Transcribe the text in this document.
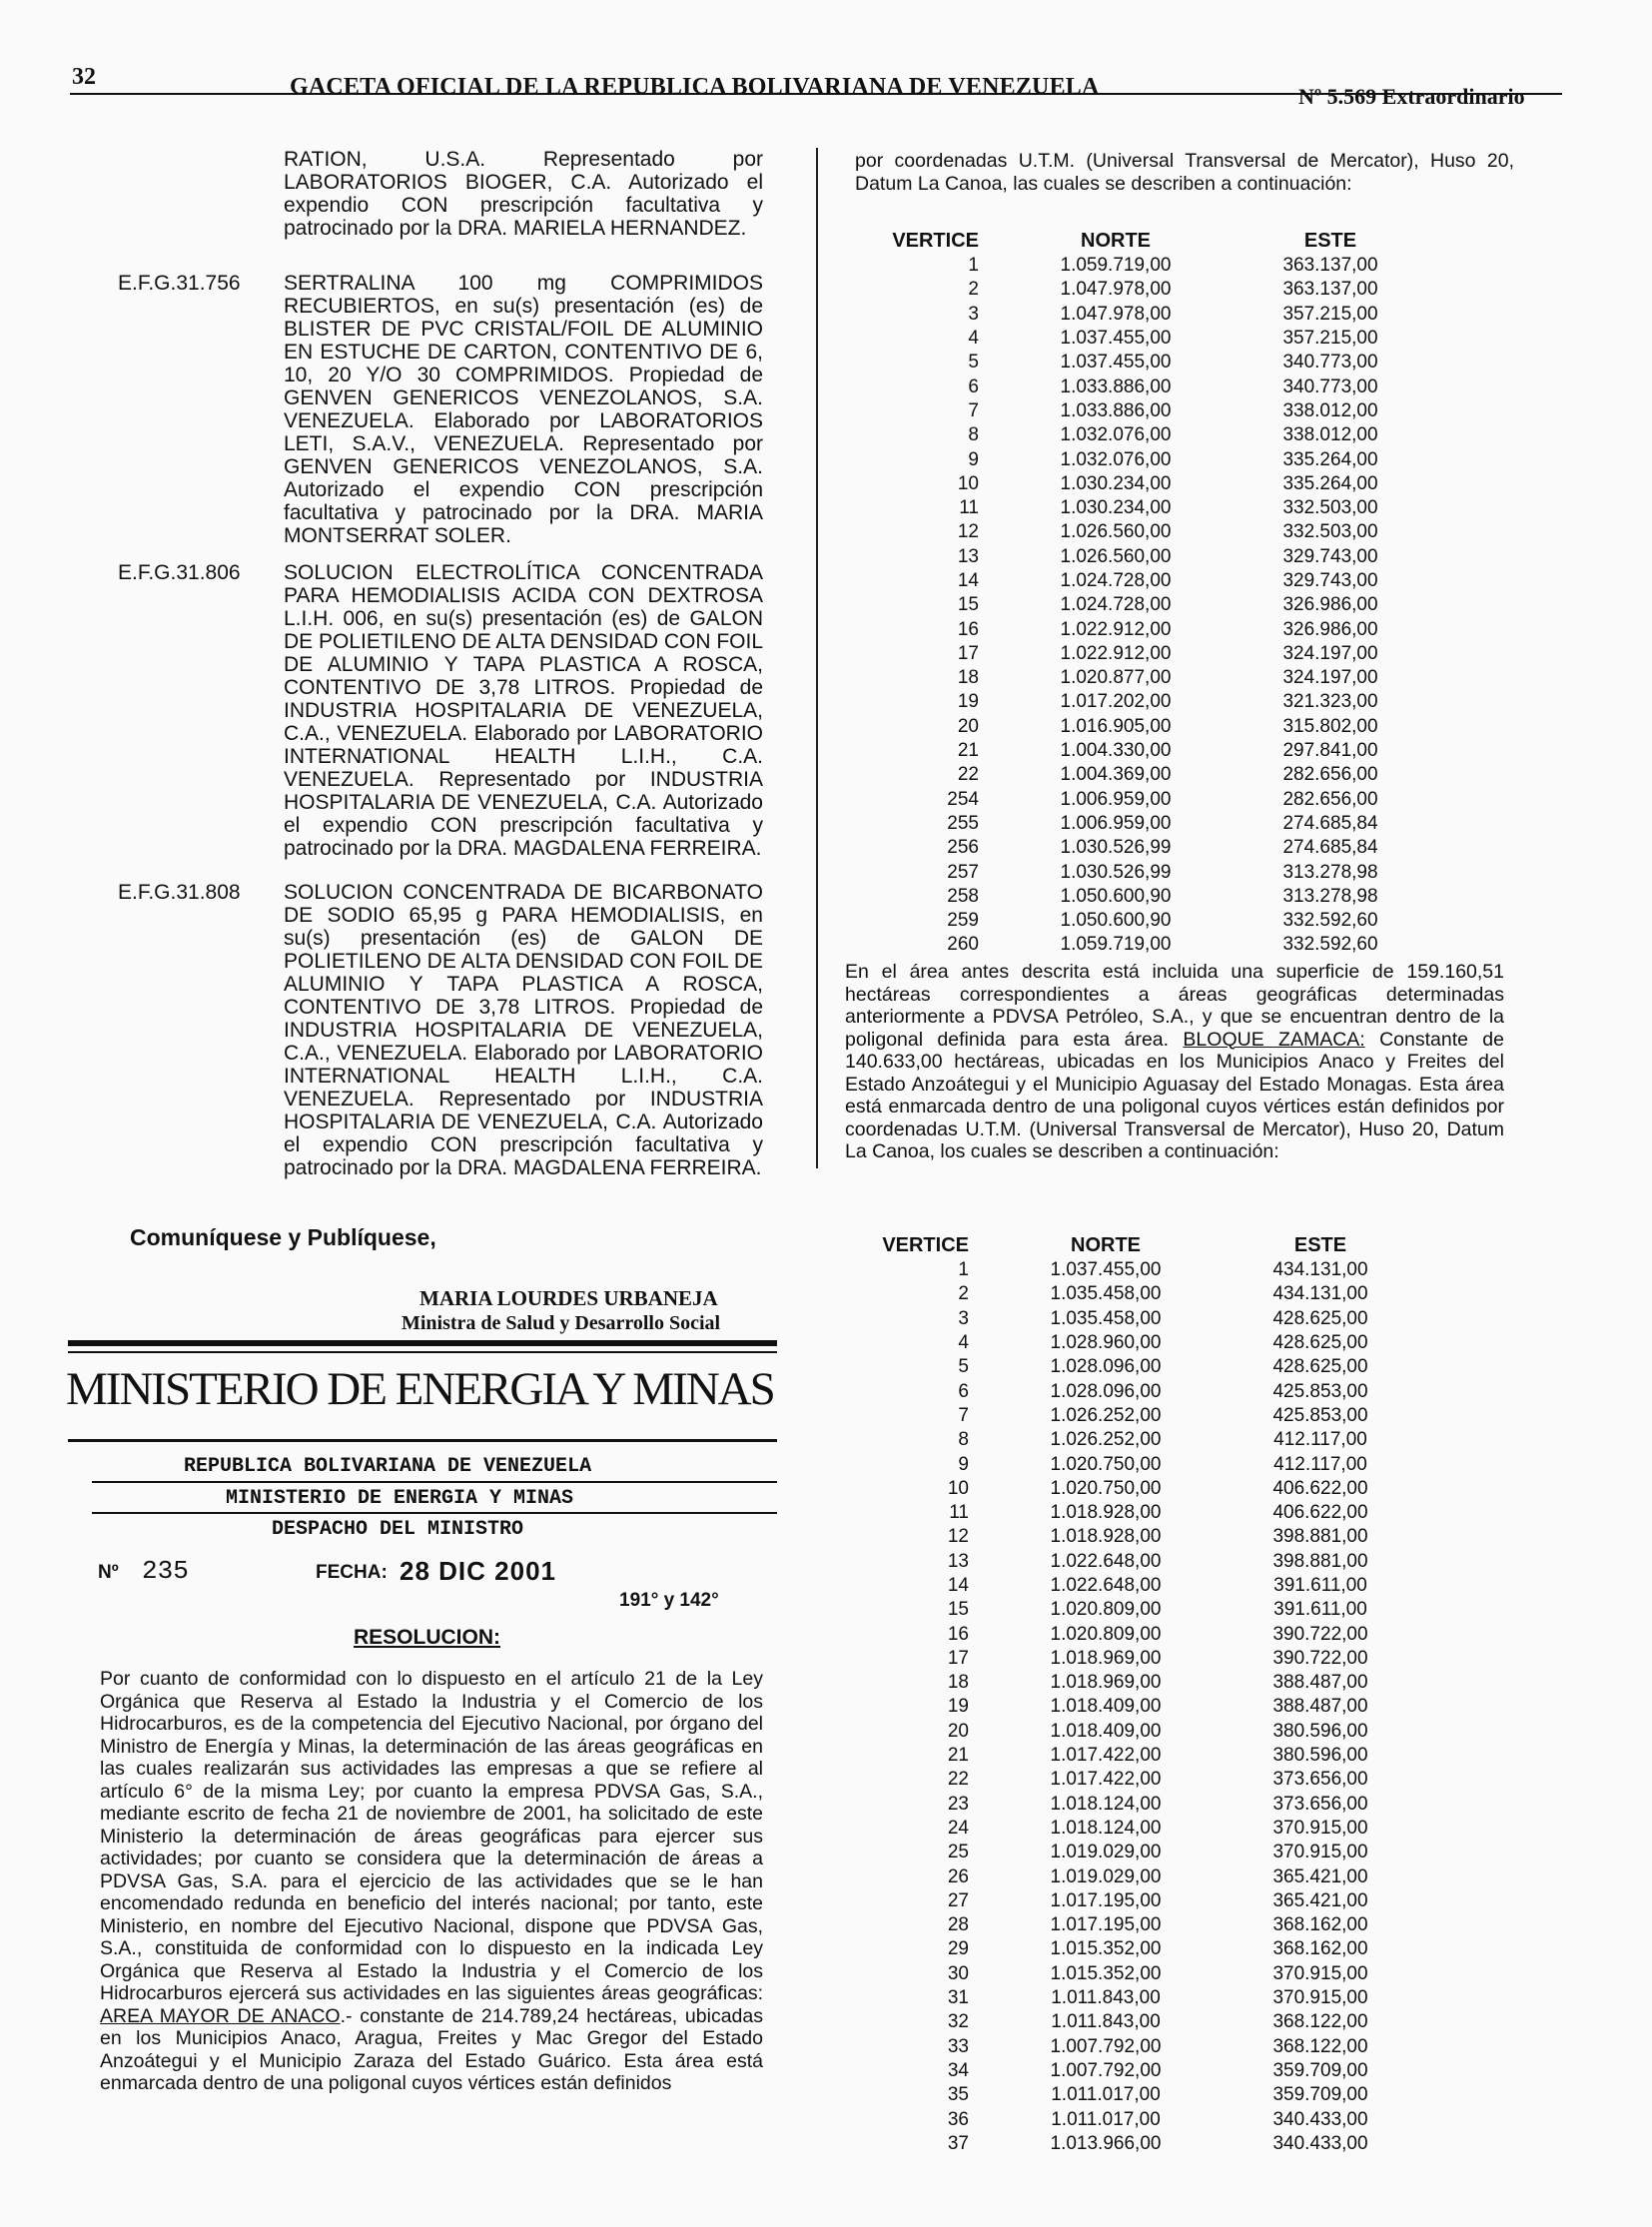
32	GACETA OFICIAL DE LA REPUBLICA BOLIVARIANA DE VENEZUELA	Nº 5.569 Extraordinario
RATION, U.S.A. Representado por LABORATORIOS BIOGER, C.A. Autorizado el expendio CON prescripción facultativa y patrocinado por la DRA. MARIELA HERNANDEZ.
E.F.G.31.756	SERTRALINA 100 mg COMPRIMIDOS RECUBIERTOS, en su(s) presentación (es) de BLISTER DE PVC CRISTAL/FOIL DE ALUMINIO EN ESTUCHE DE CARTON, CONTENTIVO DE 6, 10, 20 Y/O 30 COMPRIMIDOS. Propiedad de GENVEN GENERICOS VENEZOLANOS, S.A. VENEZUELA. Elaborado por LABORATORIOS LETI, S.A.V., VENEZUELA. Representado por GENVEN GENERICOS VENEZOLANOS, S.A. Autorizado el expendio CON prescripción facultativa y patrocinado por la DRA. MARIA MONTSERRAT SOLER.
E.F.G.31.806	SOLUCION ELECTROLÍTICA CONCENTRADA PARA HEMODIALISIS ACIDA CON DEXTROSA L.I.H. 006, en su(s) presentación (es) de GALON DE POLIETILENO DE ALTA DENSIDAD CON FOIL DE ALUMINIO Y TAPA PLASTICA A ROSCA, CONTENTIVO DE 3,78 LITROS. Propiedad de INDUSTRIA HOSPITALARIA DE VENEZUELA, C.A., VENEZUELA. Elaborado por LABORATORIO INTERNATIONAL HEALTH L.I.H., C.A. VENEZUELA. Representado por INDUSTRIA HOSPITALARIA DE VENEZUELA, C.A. Autorizado el expendio CON prescripción facultativa y patrocinado por la DRA. MAGDALENA FERREIRA.
E.F.G.31.808	SOLUCION CONCENTRADA DE BICARBONATO DE SODIO 65,95 g PARA HEMODIALISIS, en su(s) presentación (es) de GALON DE POLIETILENO DE ALTA DENSIDAD CON FOIL DE ALUMINIO Y TAPA PLASTICA A ROSCA, CONTENTIVO DE 3,78 LITROS. Propiedad de INDUSTRIA HOSPITALARIA DE VENEZUELA, C.A., VENEZUELA. Elaborado por LABORATORIO INTERNATIONAL HEALTH L.I.H., C.A. VENEZUELA. Representado por INDUSTRIA HOSPITALARIA DE VENEZUELA, C.A. Autorizado el expendio CON prescripción facultativa y patrocinado por la DRA. MAGDALENA FERREIRA.
Comuníquese y Publíquese,
MARIA LOURDES URBANEJA
Ministra de Salud y Desarrollo Social
MINISTERIO DE ENERGIA Y MINAS
REPUBLICA BOLIVARIANA DE VENEZUELA
MINISTERIO DE ENERGIA Y MINAS
DESPACHO DEL MINISTRO
Nº 235	FECHA: 28 DIC 2001
191° y 142°
RESOLUCION:
Por cuanto de conformidad con lo dispuesto en el artículo 21 de la Ley Orgánica que Reserva al Estado la Industria y el Comercio de los Hidrocarburos, es de la competencia del Ejecutivo Nacional, por órgano del Ministro de Energía y Minas, la determinación de las áreas geográficas en las cuales realizarán sus actividades las empresas a que se refiere al artículo 6° de la misma Ley; por cuanto la empresa PDVSA Gas, S.A., mediante escrito de fecha 21 de noviembre de 2001, ha solicitado de este Ministerio la determinación de áreas geográficas para ejercer sus actividades; por cuanto se considera que la determinación de áreas a PDVSA Gas, S.A. para el ejercicio de las actividades que se le han encomendado redunda en beneficio del interés nacional; por tanto, este Ministerio, en nombre del Ejecutivo Nacional, dispone que PDVSA Gas, S.A., constituida de conformidad con lo dispuesto en la indicada Ley Orgánica que Reserva al Estado la Industria y el Comercio de los Hidrocarburos ejercerá sus actividades en las siguientes áreas geográficas: AREA MAYOR DE ANACO.- constante de 214.789,24 hectáreas, ubicadas en los Municipios Anaco, Aragua, Freites y Mac Gregor del Estado Anzoátegui y el Municipio Zaraza del Estado Guárico. Esta área está enmarcada dentro de una poligonal cuyos vértices están definidos
por coordenadas U.T.M. (Universal Transversal de Mercator), Huso 20, Datum La Canoa, las cuales se describen a continuación:
VERTICE	NORTE	ESTE
1	1.059.719,00	363.137,00
2	1.047.978,00	363.137,00
3	1.047.978,00	357.215,00
4	1.037.455,00	357.215,00
5	1.037.455,00	340.773,00
6	1.033.886,00	340.773,00
7	1.033.886,00	338.012,00
8	1.032.076,00	338.012,00
9	1.032.076,00	335.264,00
10	1.030.234,00	335.264,00
11	1.030.234,00	332.503,00
12	1.026.560,00	332.503,00
13	1.026.560,00	329.743,00
14	1.024.728,00	329.743,00
15	1.024.728,00	326.986,00
16	1.022.912,00	326.986,00
17	1.022.912,00	324.197,00
18	1.020.877,00	324.197,00
19	1.017.202,00	321.323,00
20	1.016.905,00	315.802,00
21	1.004.330,00	297.841,00
22	1.004.369,00	282.656,00
254	1.006.959,00	282.656,00
255	1.006.959,00	274.685,84
256	1.030.526,99	274.685,84
257	1.030.526,99	313.278,98
258	1.050.600,90	313.278,98
259	1.050.600,90	332.592,60
260	1.059.719,00	332.592,60
En el área antes descrita está incluida una superficie de 159.160,51 hectáreas correspondientes a áreas geográficas determinadas anteriormente a PDVSA Petróleo, S.A., y que se encuentran dentro de la poligonal definida para esta área. BLOQUE ZAMACA: Constante de 140.633,00 hectáreas, ubicadas en los Municipios Anaco y Freites del Estado Anzoátegui y el Municipio Aguasay del Estado Monagas. Esta área está enmarcada dentro de una poligonal cuyos vértices están definidos por coordenadas U.T.M. (Universal Transversal de Mercator), Huso 20, Datum La Canoa, los cuales se describen a continuación:
VERTICE	NORTE	ESTE
1	1.037.455,00	434.131,00
2	1.035.458,00	434.131,00
3	1.035.458,00	428.625,00
4	1.028.960,00	428.625,00
5	1.028.096,00	428.625,00
6	1.028.096,00	425.853,00
7	1.026.252,00	425.853,00
8	1.026.252,00	412.117,00
9	1.020.750,00	412.117,00
10	1.020.750,00	406.622,00
11	1.018.928,00	406.622,00
12	1.018.928,00	398.881,00
13	1.022.648,00	398.881,00
14	1.022.648,00	391.611,00
15	1.020.809,00	391.611,00
16	1.020.809,00	390.722,00
17	1.018.969,00	390.722,00
18	1.018.969,00	388.487,00
19	1.018.409,00	388.487,00
20	1.018.409,00	380.596,00
21	1.017.422,00	380.596,00
22	1.017.422,00	373.656,00
23	1.018.124,00	373.656,00
24	1.018.124,00	370.915,00
25	1.019.029,00	370.915,00
26	1.019.029,00	365.421,00
27	1.017.195,00	365.421,00
28	1.017.195,00	368.162,00
29	1.015.352,00	368.162,00
30	1.015.352,00	370.915,00
31	1.011.843,00	370.915,00
32	1.011.843,00	368.122,00
33	1.007.792,00	368.122,00
34	1.007.792,00	359.709,00
35	1.011.017,00	359.709,00
36	1.011.017,00	340.433,00
37	1.013.966,00	340.433,00
